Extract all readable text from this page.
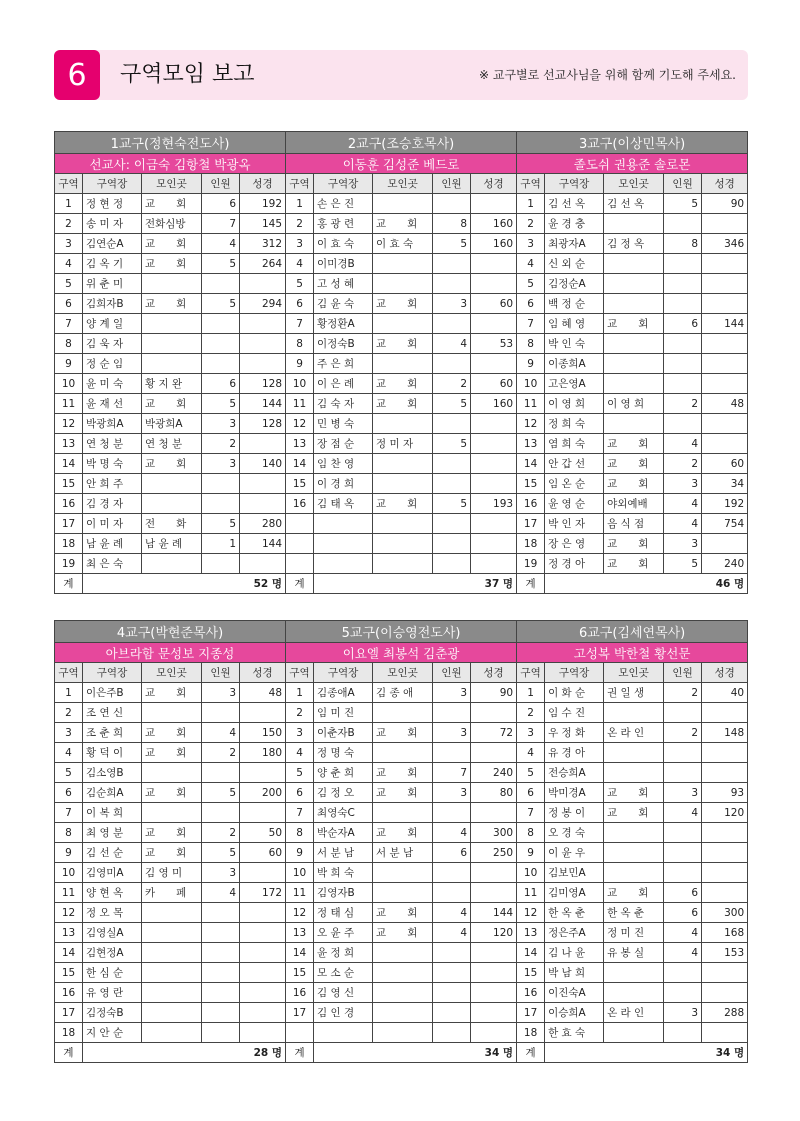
6	구역모임 보고	※ 교구별로 선교사님을 위해 함께 기도해 주세요.
1교구(정현숙전도사)					2교구(조승호목사)					3교구(이상민목사)				
선교사: 이금숙 김항철 박광옥					이동훈 김성준 베드로					졸도쉬 권용준 솔로몬				
구역	구역장	모인곳	인원	성경	구역	구역장	모인곳	인원	성경	구역	구역장	모인곳	인원	성경
1	정 현 정	교　　회	6	192	1	손 은 진				1	김 선 옥	김 선 옥	5	90
2	송 미 자	전화심방	7	145	2	홍 광 련	교　　회	8	160	2	윤 경 충			
3	김연순A	교　　회	4	312	3	이 효 숙	이 효 숙	5	160	3	최광자A	김 정 옥	8	346
4	김 옥 기	교　　회	5	264	4	이미경B				4	신 외 순			
5	위 춘 미				5	고 성 혜				5	김정순A			
6	김희자B	교　　회	5	294	6	김 윤 숙	교　　회	3	60	6	백 정 순			
7	양 계 일				7	황정환A				7	임 혜 영	교　　회	6	144
8	김 욱 자				8	이정숙B	교　　회	4	53	8	박 인 숙			
9	정 순 임				9	주 은 희				9	이종희A			
10	윤 미 숙	황 지 완	6	128	10	이 은 례	교　　회	2	60	10	고은영A			
11	윤 재 선	교　　회	5	144	11	김 숙 자	교　　회	5	160	11	이 영 희	이 영 희	2	48
12	박광희A	박광희A	3	128	12	민 병 숙				12	정 희 숙			
13	연 청 분	연 청 분	2		13	장 점 순	정 미 자	5		13	염 희 숙	교　　회	4	
14	박 명 숙	교　　회	3	140	14	임 찬 영				14	안 갑 선	교　　회	2	60
15	안 희 주				15	이 경 희				15	임 온 순	교　　회	3	34
16	김 경 자				16	김 태 옥	교　　회	5	193	16	윤 영 순	야외예배	4	192
17	이 미 자	전　　화	5	280						17	박 인 자	음 식 점	4	754
18	남 윤 례	남 윤 례	1	144						18	장 은 영	교　　회	3	
19	최 은 숙									19	정 경 아	교　　회	5	240
계	52 명				계	37 명				계	46 명			
4교구(박현준목사)					5교구(이승영전도사)					6교구(김세연목사)				
아브라함 문성보 지종성					이요엘 최봉석 김춘광					고성복 박한철 황선문				
구역	구역장	모인곳	인원	성경	구역	구역장	모인곳	인원	성경	구역	구역장	모인곳	인원	성경
1	이은주B	교　　회	3	48	1	김종애A	김 종 애	3	90	1	이 화 순	권 일 생	2	40
2	조 연 신				2	임 미 진				2	임 수 진			
3	조 춘 희	교　　회	4	150	3	이춘자B	교　　회	3	72	3	우 정 화	온 라 인	2	148
4	황 덕 이	교　　회	2	180	4	정 명 숙				4	유 경 아			
5	김소영B				5	양 춘 희	교　　회	7	240	5	전승희A			
6	김순희A	교　　회	5	200	6	김 정 오	교　　회	3	80	6	박미경A	교　　회	3	93
7	이 복 희				7	최영숙C				7	정 봉 이	교　　회	4	120
8	최 영 분	교　　회	2	50	8	박순자A	교　　회	4	300	8	오 경 숙			
9	김 선 순	교　　회	5	60	9	서 분 남	서 분 남	6	250	9	이 윤 우			
10	김영미A	김 영 미	3		10	박 희 숙				10	김보민A			
11	양 현 옥	카　　페	4	172	11	김영자B				11	김미영A	교　　회	6	
12	정 오 목				12	정 태 심	교　　회	4	144	12	한 옥 춘	한 옥 춘	6	300
13	김영실A				13	오 윤 주	교　　회	4	120	13	정은주A	정 미 진	4	168
14	김현정A				14	윤 정 희				14	김 나 윤	유 봉 실	4	153
15	한 심 순				15	모 소 순				15	박 남 희			
16	유 영 란				16	김 영 신				16	이진숙A			
17	김정숙B				17	김 인 경				17	이승희A	온 라 인	3	288
18	지 안 순									18	한 효 숙			
계	28 명				계	34 명				계	34 명			
